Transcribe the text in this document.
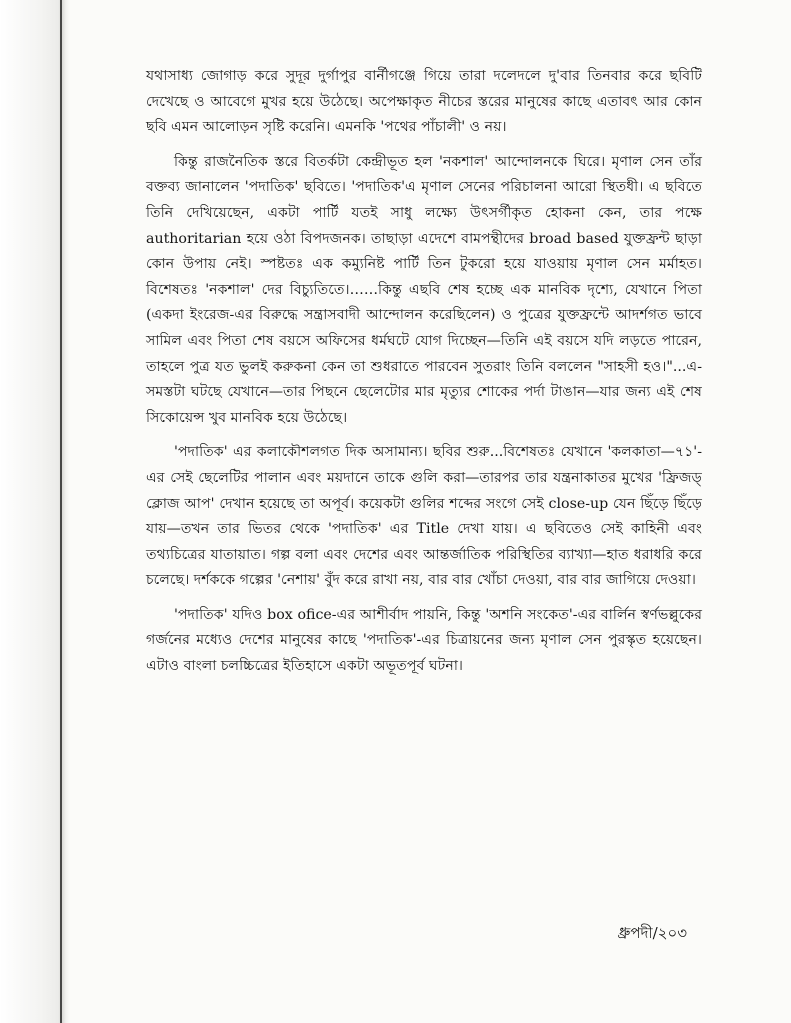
যথাসাধ্য জোগাড় করে সুদূর দুর্গাপুর বার্নীগঞ্জে গিয়ে তারা দলেদলে দু'বার তিনবার করে ছবিটি দেখেছে ও আবেগে মুখর হয়ে উঠেছে। অপেক্ষাকৃত নীচের স্তরের মানুষের কাছে এতাবৎ আর কোন ছবি এমন আলোড়ন সৃষ্টি করেনি। এমনকি 'পথের পাঁচালী' ও নয়।

কিন্তু রাজনৈতিক স্তরে বিতর্কটা কেন্দ্রীভূত হল 'নকশাল' আন্দোলনকে ঘিরে। মৃণাল সেন তাঁর বক্তব্য জানালেন 'পদাতিক' ছবিতে। 'পদাতিক'এ মৃণাল সেনের পরিচালনা আরো স্থিতধী। এ ছবিতে তিনি দেখিয়েছেন, একটা পার্টি যতই সাধু লক্ষ্যে উৎসর্গীকৃত হোকনা কেন, তার পক্ষে authoritarian হয়ে ওঠা বিপদজনক। তাছাড়া এদেশে বামপন্থীদের broad based যুক্তফ্রন্ট ছাড়া কোন উপায় নেই। স্পষ্টতঃ এক কম্যুনিষ্ট পার্টি তিন টুকরো হয়ে যাওয়ায় মৃণাল সেন মর্মাহত। বিশেষতঃ 'নকশাল' দের বিচ্যুতিতে।……কিন্তু এছবি শেষ হচ্ছে এক মানবিক দৃশ্যে, যেখানে পিতা (একদা ইংরেজ-এর বিরুদ্ধে সন্ত্রাসবাদী আন্দোলন করেছিলেন) ও পুত্রের যুক্তফ্রন্টে আদর্শগত ভাবে সামিল এবং পিতা শেষ বয়সে অফিসের ধর্মঘটে যোগ দিচ্ছেন—তিনি এই বয়সে যদি লড়তে পারেন, তাহলে পুত্র যত ভুলই করুকনা কেন তা শুধরাতে পারবেন সুতরাং তিনি বললেন "সাহসী হও।"...এ-সমস্তটা ঘটছে যেখানে—তার পিছনে ছেলেটোর মার মৃত্যুর শোকের পর্দা টাঙান—যার জন্য এই শেষ সিকোয়েন্স খুব মানবিক হয়ে উঠেছে।

'পদাতিক' এর কলাকৌশলগত দিক অসামান্য। ছবির শুরু...বিশেষতঃ যেখানে 'কলকাতা—৭১'-এর সেই ছেলেটির পালান এবং ময়দানে তাকে গুলি করা—তারপর তার যন্ত্রনাকাতর মুখের 'ফ্রিজড্ ক্লোজ আপ' দেখান হয়েছে তা অপূর্ব। কয়েকটা গুলির শব্দের সংগে সেই close-up যেন ছিঁড়ে ছিঁড়ে যায়—তখন তার ভিতর থেকে 'পদাতিক' এর Title দেখা যায়। এ ছবিতেও সেই কাহিনী এবং তথ্যচিত্রের যাতায়াত। গল্প বলা এবং দেশের এবং আন্তর্জাতিক পরিস্থিতির ব্যাখ্যা—হাত ধরাধরি করে চলেছে। দর্শককে গল্পের 'নেশায়' বুঁদ করে রাখা নয়, বার বার খোঁচা দেওয়া, বার বার জাগিয়ে দেওয়া।

'পদাতিক' যদিও box ofice-এর আশীর্বাদ পায়নি, কিন্তু 'অশনি সংকেত'-এর বার্লিন স্বর্ণভল্লুকের গর্জনের মধ্যেও দেশের মানুষের কাছে 'পদাতিক'-এর চিত্রায়নের জন্য মৃণাল সেন পুরস্কৃত হয়েছেন। এটাও বাংলা চলচ্চিত্রের ইতিহাসে একটা অভূতপূর্ব ঘটনা।

ধ্রুপদী/২০৩
